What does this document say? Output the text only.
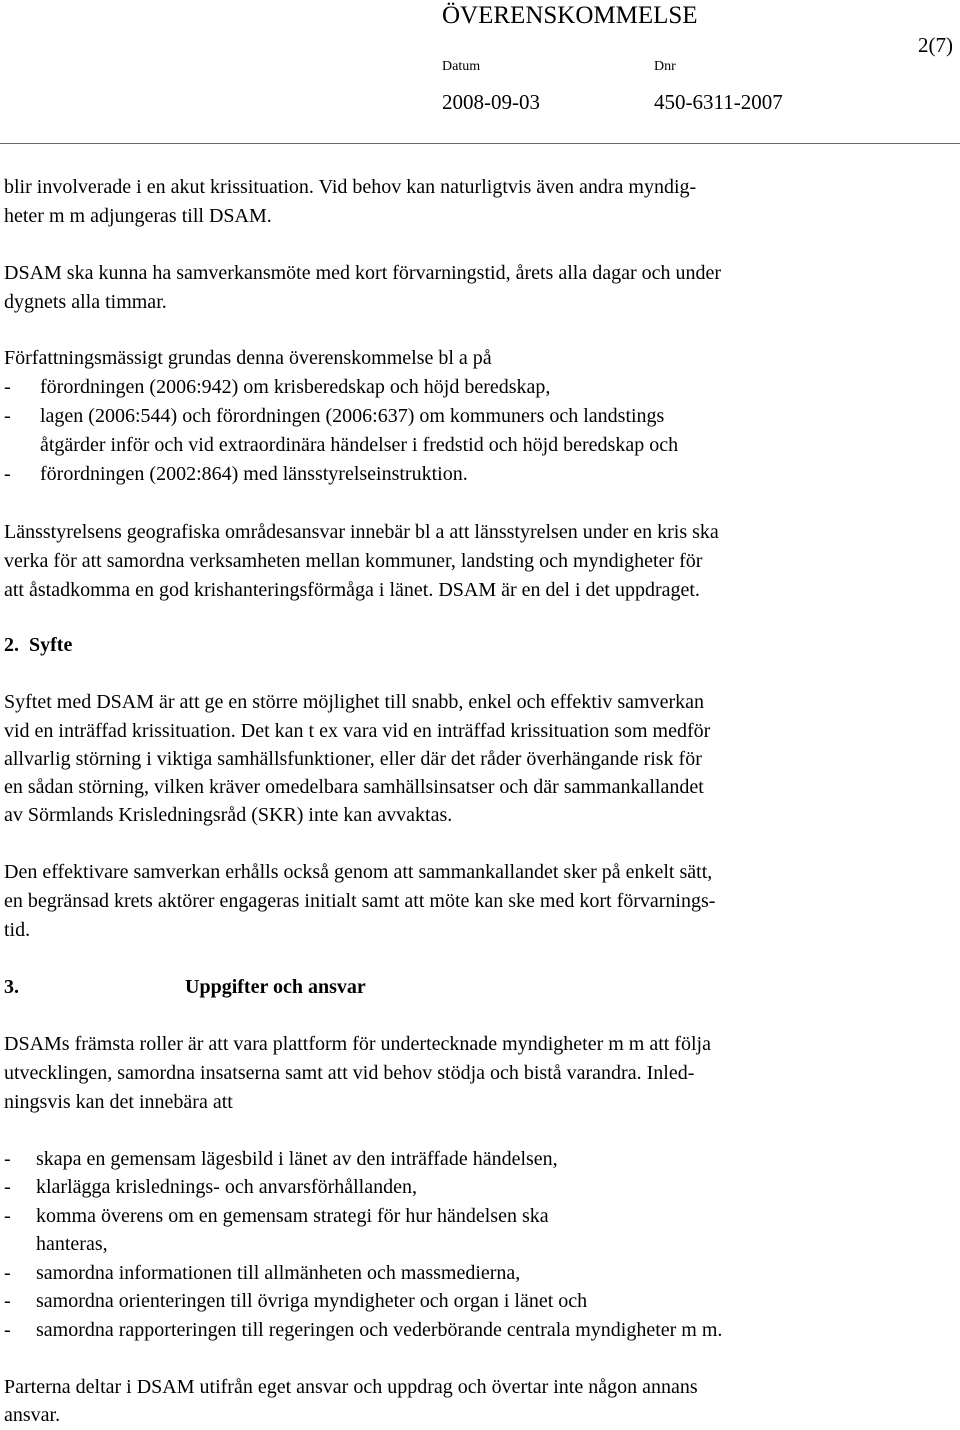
ÖVERENSKOMMELSE
2(7)
Datum	Dnr
2008-09-03	450-6311-2007
blir involverade i en akut krissituation. Vid behov kan naturligtvis även andra myndig-
heter m m adjungeras till DSAM.
DSAM ska kunna ha samverkansmöte med kort förvarningstid, årets alla dagar och under
dygnets alla timmar.
Författningsmässigt grundas denna överenskommelse bl a på
- förordningen (2006:942) om krisberedskap och höjd beredskap,
- lagen (2006:544) och förordningen (2006:637) om kommuners och landstings
åtgärder inför och vid extraordinära händelser i fredstid och höjd beredskap och
- förordningen (2002:864) med länsstyrelseinstruktion.
Länsstyrelsens geografiska områdesansvar innebär bl a att länsstyrelsen under en kris ska
verka för att samordna verksamheten mellan kommuner, landsting och myndigheter för
att åstadkomma en god krishanteringsförmåga i länet. DSAM är en del i det uppdraget.
2.  Syfte
Syftet med DSAM är att ge en större möjlighet till snabb, enkel och effektiv samverkan
vid en inträffad krissituation. Det kan t ex vara vid en inträffad krissituation som medför
allvarlig störning i viktiga samhällsfunktioner, eller där det råder överhängande risk för
en sådan störning, vilken kräver omedelbara samhällsinsatser och där sammankallandet
av Sörmlands Krisledningsråd (SKR) inte kan avvaktas.
Den effektivare samverkan erhålls också genom att sammankallandet sker på enkelt sätt,
en begränsad krets aktörer engageras initialt samt att möte kan ske med kort förvarnings-
tid.
3.	Uppgifter och ansvar
DSAMs främsta roller är att vara plattform för undertecknade myndigheter m m att följa
utvecklingen, samordna insatserna samt att vid behov stödja och bistå varandra. Inled-
ningsvis kan det innebära att
- skapa en gemensam lägesbild i länet av den inträffade händelsen,
- klarlägga krislednings- och anvarsförhållanden,
- komma överens om en gemensam strategi för hur händelsen ska
hanteras,
- samordna informationen till allmänheten och massmedierna,
- samordna orienteringen till övriga myndigheter och organ i länet och
- samordna rapporteringen till regeringen och vederbörande centrala myndigheter m m.
Parterna deltar i DSAM utifrån eget ansvar och uppdrag och övertar inte någon annans
ansvar.
